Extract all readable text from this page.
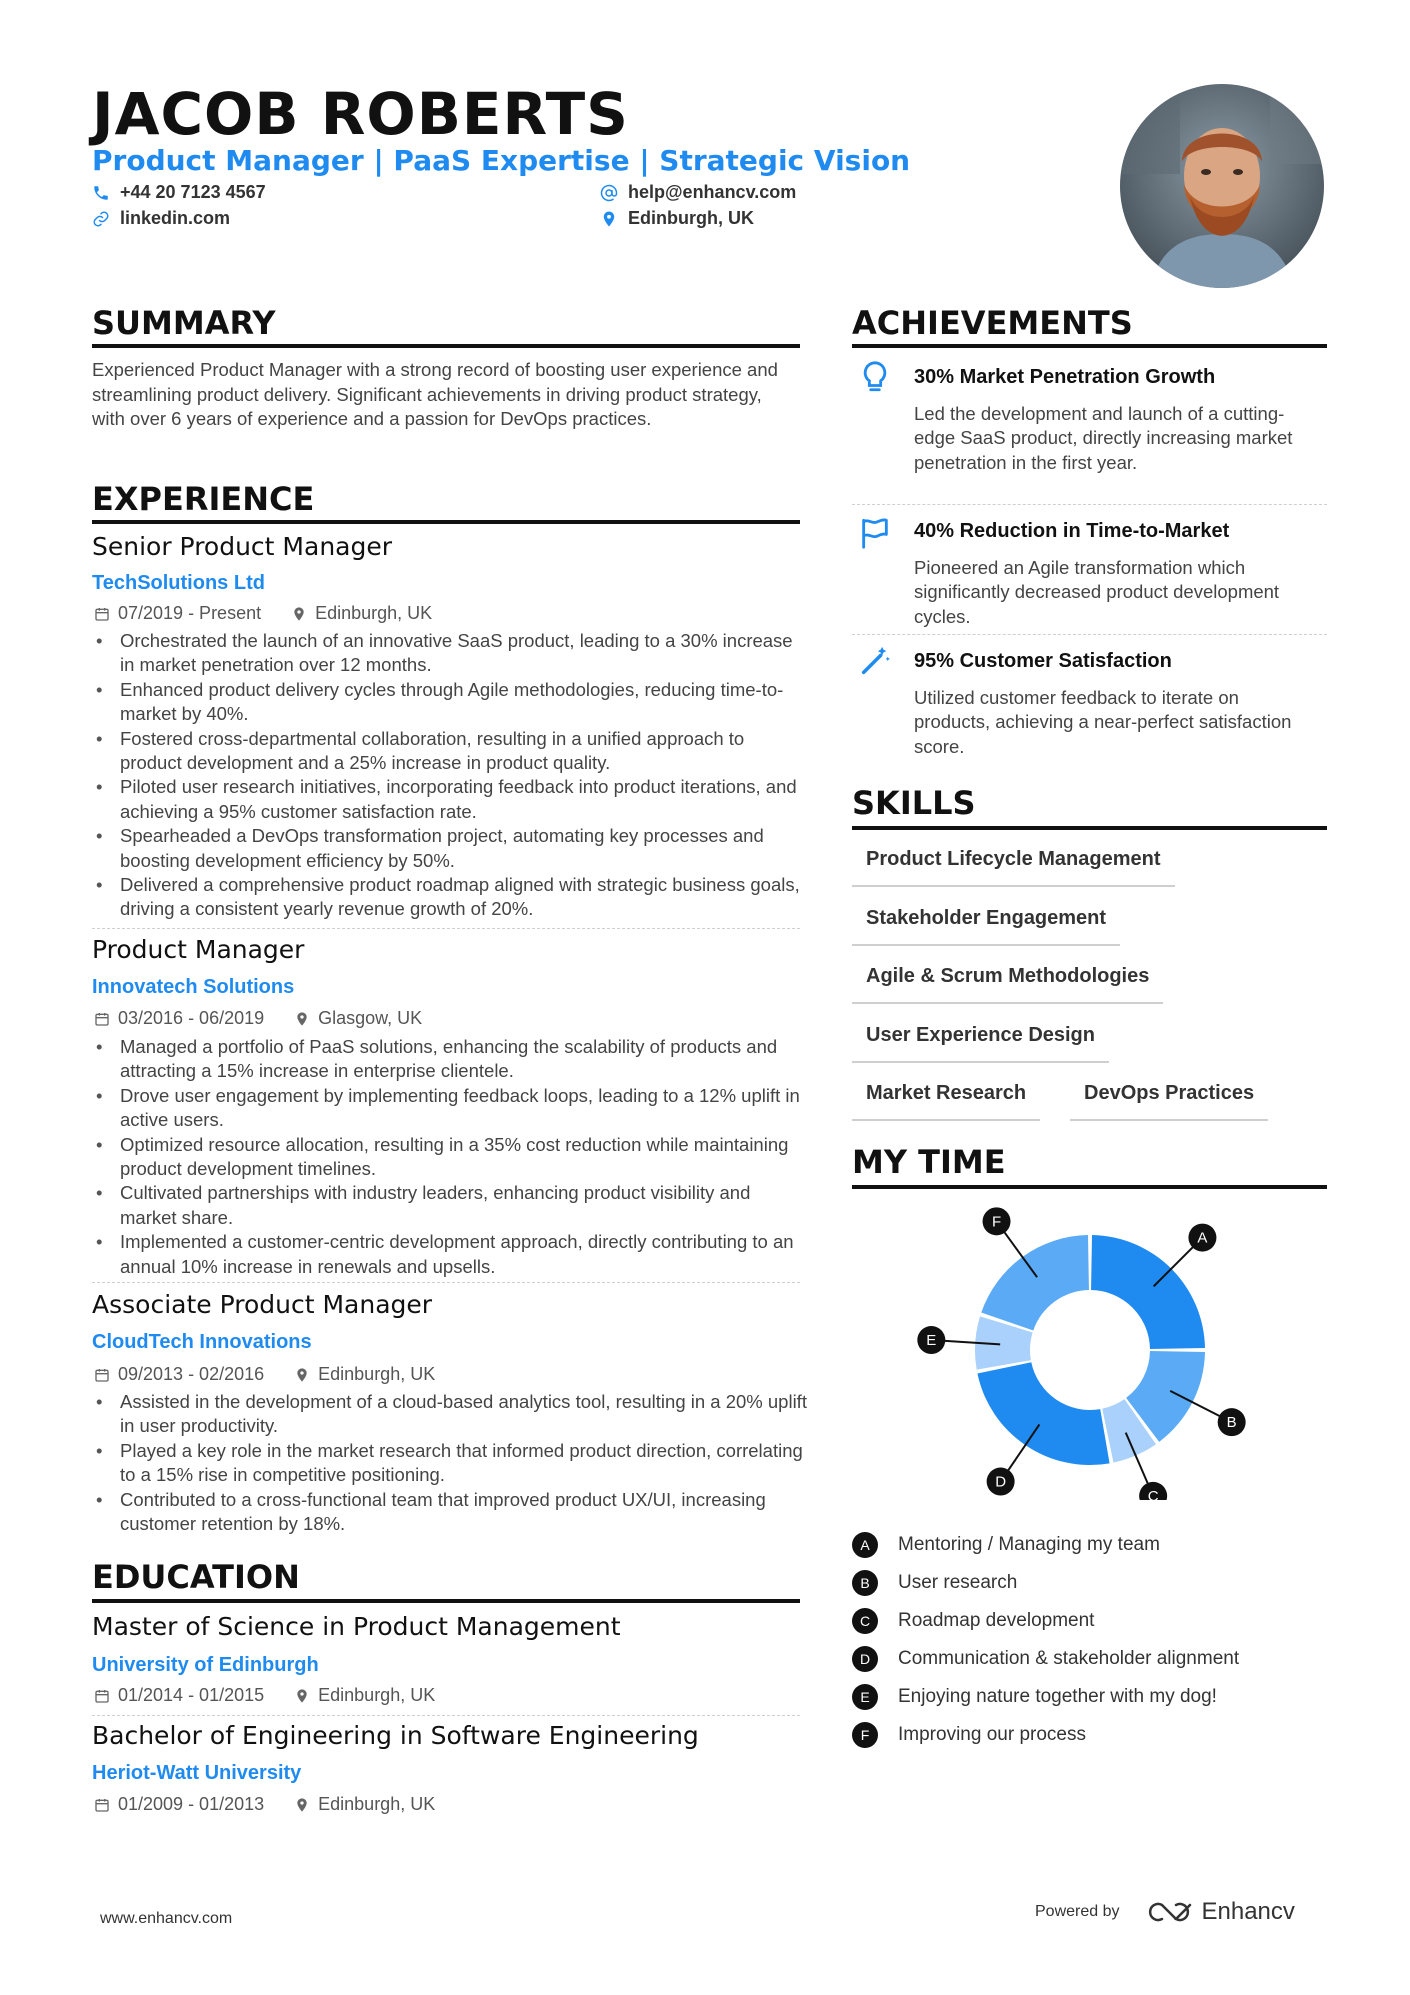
JACOB ROBERTS
Product Manager | PaaS Expertise | Strategic Vision
+44 20 7123 4567	help@enhancv.com
linkedin.com	Edinburgh, UK
SUMMARY
Experienced Product Manager with a strong record of boosting user experience and streamlining product delivery. Significant achievements in driving product strategy, with over 6 years of experience and a passion for DevOps practices.
EXPERIENCE
Senior Product Manager
TechSolutions Ltd
07/2019 - Present	Edinburgh, UK
• Orchestrated the launch of an innovative SaaS product, leading to a 30% increase in market penetration over 12 months.
• Enhanced product delivery cycles through Agile methodologies, reducing time-to-market by 40%.
• Fostered cross-departmental collaboration, resulting in a unified approach to product development and a 25% increase in product quality.
• Piloted user research initiatives, incorporating feedback into product iterations, and achieving a 95% customer satisfaction rate.
• Spearheaded a DevOps transformation project, automating key processes and boosting development efficiency by 50%.
• Delivered a comprehensive product roadmap aligned with strategic business goals, driving a consistent yearly revenue growth of 20%.
Product Manager
Innovatech Solutions
03/2016 - 06/2019	Glasgow, UK
• Managed a portfolio of PaaS solutions, enhancing the scalability of products and attracting a 15% increase in enterprise clientele.
• Drove user engagement by implementing feedback loops, leading to a 12% uplift in active users.
• Optimized resource allocation, resulting in a 35% cost reduction while maintaining product development timelines.
• Cultivated partnerships with industry leaders, enhancing product visibility and market share.
• Implemented a customer-centric development approach, directly contributing to an annual 10% increase in renewals and upsells.
Associate Product Manager
CloudTech Innovations
09/2013 - 02/2016	Edinburgh, UK
• Assisted in the development of a cloud-based analytics tool, resulting in a 20% uplift in user productivity.
• Played a key role in the market research that informed product direction, correlating to a 15% rise in competitive positioning.
• Contributed to a cross-functional team that improved product UX/UI, increasing customer retention by 18%.
EDUCATION
Master of Science in Product Management
University of Edinburgh
01/2014 - 01/2015	Edinburgh, UK
Bachelor of Engineering in Software Engineering
Heriot-Watt University
01/2009 - 01/2013	Edinburgh, UK
ACHIEVEMENTS
30% Market Penetration Growth
Led the development and launch of a cutting-edge SaaS product, directly increasing market penetration in the first year.
40% Reduction in Time-to-Market
Pioneered an Agile transformation which significantly decreased product development cycles.
95% Customer Satisfaction
Utilized customer feedback to iterate on products, achieving a near-perfect satisfaction score.
SKILLS
Product Lifecycle Management
Stakeholder Engagement
Agile & Scrum Methodologies
User Experience Design
Market Research	DevOps Practices
MY TIME
A
B
C
D
E
F
A	Mentoring / Managing my team
B	User research
C	Roadmap development
D	Communication & stakeholder alignment
E	Enjoying nature together with my dog!
F	Improving our process
www.enhancv.com	Powered by	Enhancv
